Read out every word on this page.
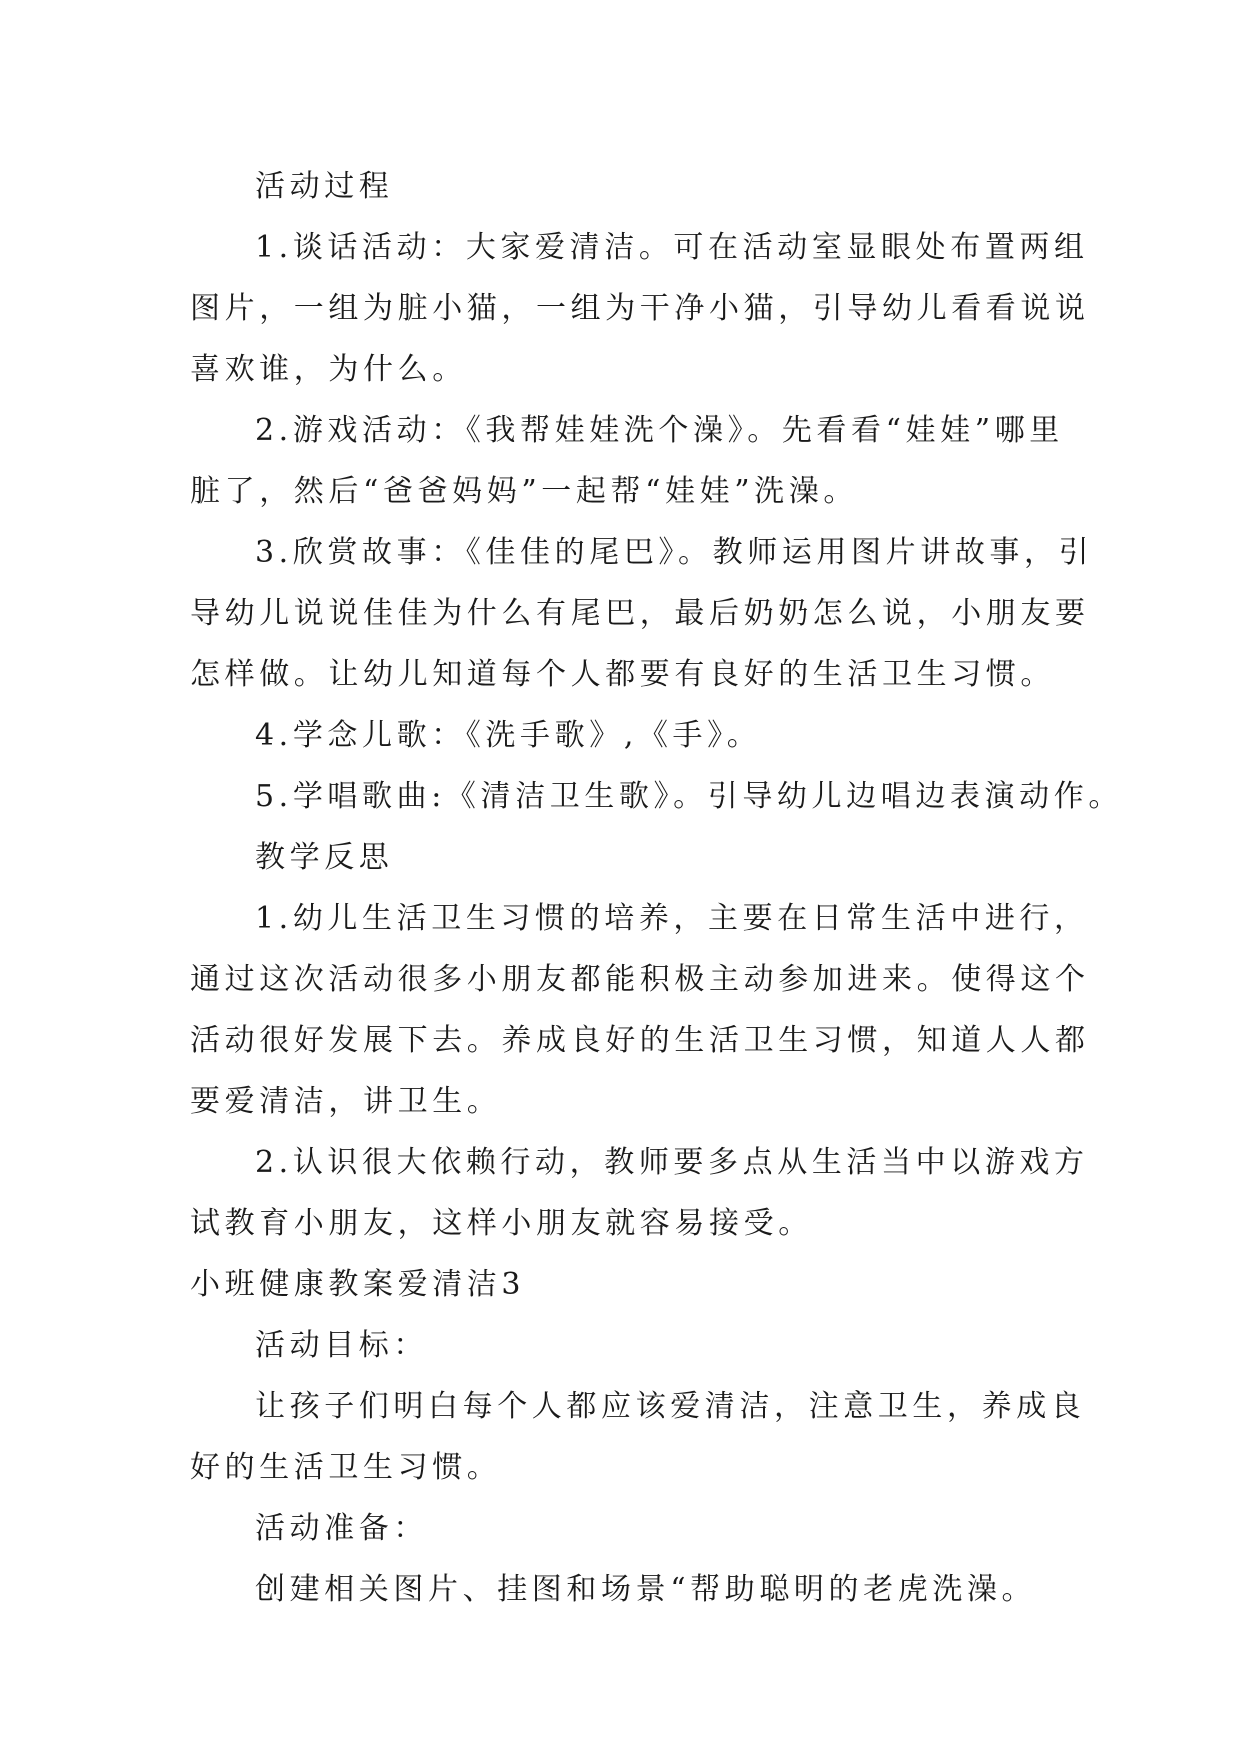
活动过程
1.谈话活动：大家爱清洁。可在活动室显眼处布置两组
图片，一组为脏小猫，一组为干净小猫，引导幼儿看看说说
喜欢谁，为什么。
2.游戏活动：《我帮娃娃洗个澡》。先看看“娃娃”哪里
脏了，然后“爸爸妈妈”一起帮“娃娃”洗澡。
3.欣赏故事：《佳佳的尾巴》。教师运用图片讲故事，引
导幼儿说说佳佳为什么有尾巴，最后奶奶怎么说，小朋友要
怎样做。让幼儿知道每个人都要有良好的生活卫生习惯。
4.学念儿歌：《洗手歌》,《手》。
5.学唱歌曲:《清洁卫生歌》。引导幼儿边唱边表演动作。
教学反思
1.幼儿生活卫生习惯的培养，主要在日常生活中进行，
通过这次活动很多小朋友都能积极主动参加进来。使得这个
活动很好发展下去。养成良好的生活卫生习惯，知道人人都
要爱清洁，讲卫生。
2.认识很大依赖行动，教师要多点从生活当中以游戏方
试教育小朋友，这样小朋友就容易接受。
小班健康教案爱清洁3
活动目标：
让孩子们明白每个人都应该爱清洁，注意卫生，养成良
好的生活卫生习惯。
活动准备：
创建相关图片、挂图和场景“帮助聪明的老虎洗澡。
